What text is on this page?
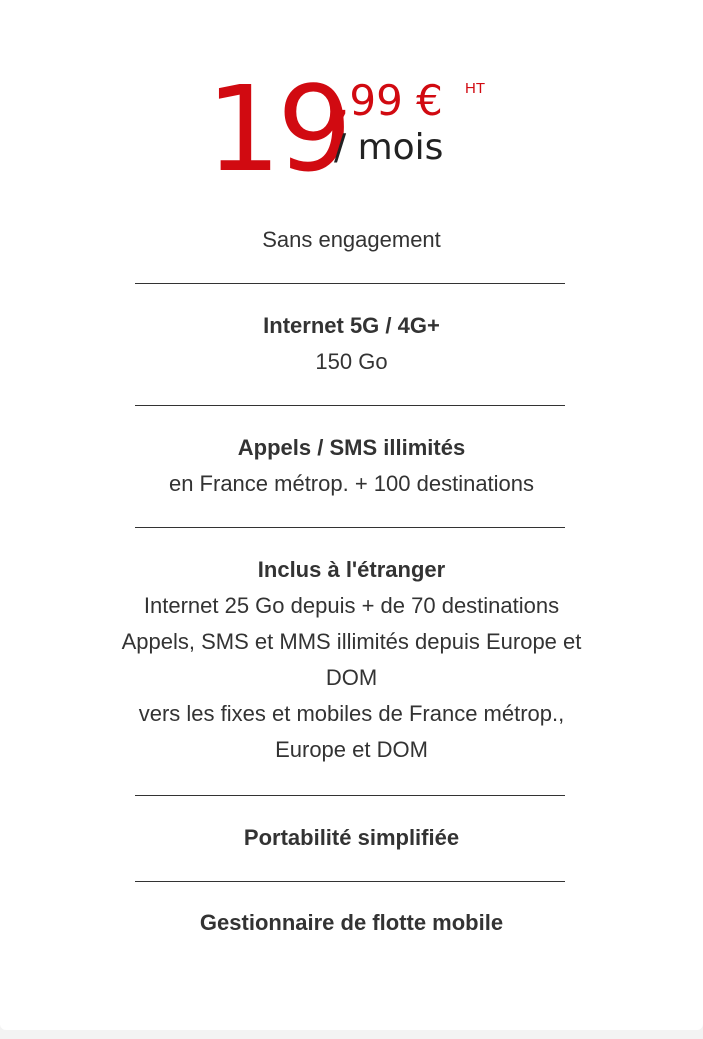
19
,99 € HT
/ mois
Sans engagement
Internet 5G / 4G+
150 Go
Appels / SMS illimités
en France métrop. + 100 destinations
Inclus à l'étranger
Internet 25 Go depuis + de 70 destinations
Appels, SMS et MMS illimités depuis Europe et
DOM
vers les fixes et mobiles de France métrop.,
Europe et DOM
Portabilité simplifiée
Gestionnaire de flotte mobile
